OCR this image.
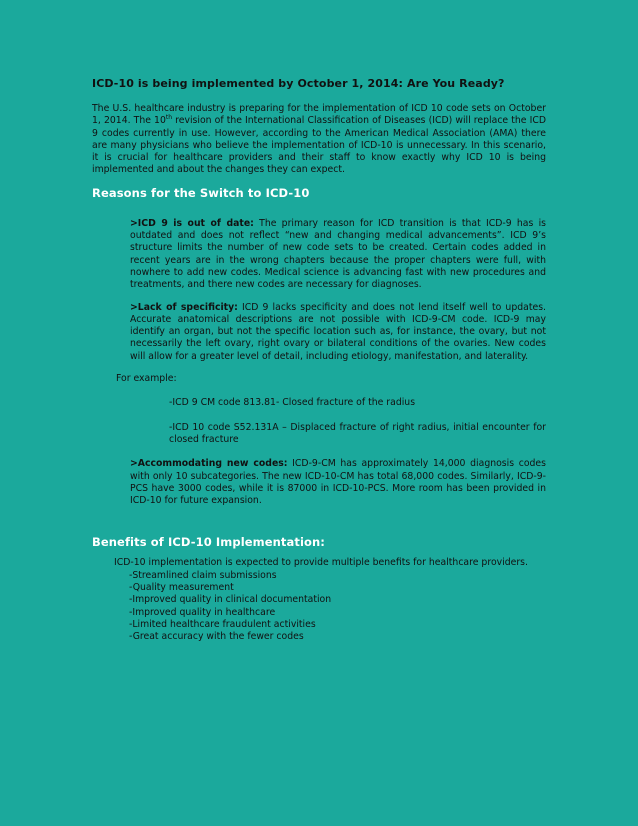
ICD-10 is being implemented by October 1, 2014: Are You Ready?

The U.S. healthcare industry is preparing for the implementation of ICD 10 code sets on October 1, 2014. The 10th revision of the International Classification of Diseases (ICD) will replace the ICD 9 codes currently in use. However, according to the American Medical Association (AMA) there are many physicians who believe the implementation of ICD-10 is unnecessary. In this scenario, it is crucial for healthcare providers and their staff to know exactly why ICD 10 is being implemented and about the changes they can expect.

Reasons for the Switch to ICD-10

>ICD 9 is out of date: The primary reason for ICD transition is that ICD-9 has is outdated and does not reflect “new and changing medical advancements”. ICD 9’s structure limits the number of new code sets to be created. Certain codes added in recent years are in the wrong chapters because the proper chapters were full, with nowhere to add new codes. Medical science is advancing fast with new procedures and treatments, and there new codes are necessary for diagnoses.

>Lack of specificity: ICD 9 lacks specificity and does not lend itself well to updates. Accurate anatomical descriptions are not possible with ICD-9-CM code. ICD-9 may identify an organ, but not the specific location such as, for instance, the ovary, but not necessarily the left ovary, right ovary or bilateral conditions of the ovaries. New codes will allow for a greater level of detail, including etiology, manifestation, and laterality.

For example:

-ICD 9 CM code 813.81- Closed fracture of the radius

-ICD 10 code S52.131A – Displaced fracture of right radius, initial encounter for closed fracture

>Accommodating new codes: ICD-9-CM has approximately 14,000 diagnosis codes with only 10 subcategories. The new ICD-10-CM has total 68,000 codes. Similarly, ICD-9-PCS have 3000 codes, while it is 87000 in ICD-10-PCS. More room has been provided in ICD-10 for future expansion.

Benefits of ICD-10 Implementation:

ICD-10 implementation is expected to provide multiple benefits for healthcare providers.

-Streamlined claim submissions
-Quality measurement
-Improved quality in clinical documentation
-Improved quality in healthcare
-Limited healthcare fraudulent activities
-Great accuracy with the fewer codes
